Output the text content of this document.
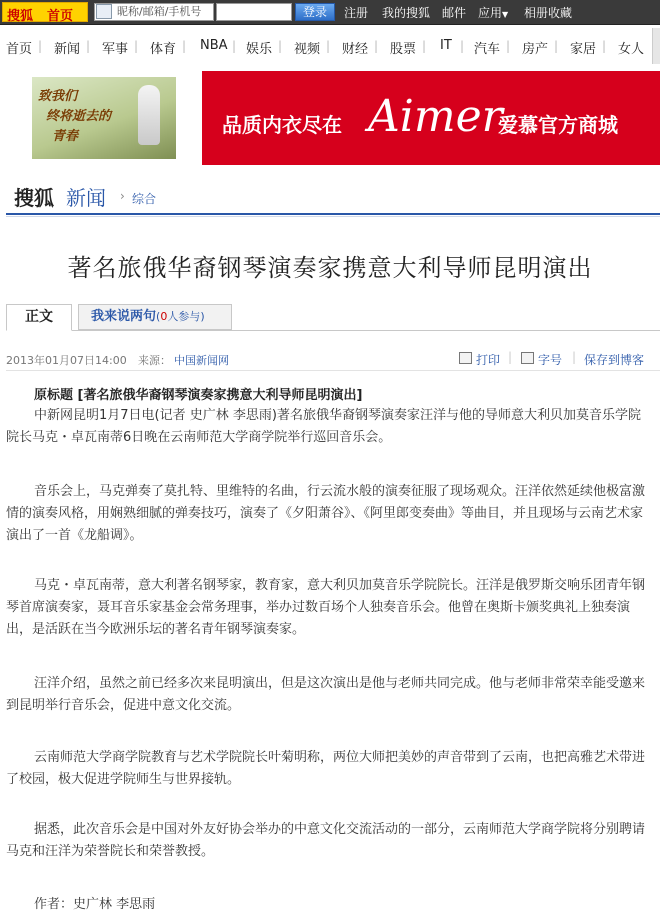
搜狐 首页	昵称/邮箱/手机号	登录	注册 我的搜狐 邮件 应用▼ 相册收藏
首页 | 新闻 | 军事 | 体育 | NBA | 娱乐 | 视频 | 财经 | 股票 | IT | 汽车 | 房产 | 家居 | 女人
致我们
终将逝去的
青春	品质内衣尽在 Aimer
爱慕官方商城
搜狐 新闻 › 综合
著名旅俄华裔钢琴演奏家携意大利导师昆明演出
正文	我来说两句(0人参与)
2013年01月07日14:00 来源： 中国新闻网	打印 | 字号 | 保存到博客
原标题 [著名旅俄华裔钢琴演奏家携意大利导师昆明演出]

中新网昆明1月7日电(记者 史广林 李思雨)著名旅俄华裔钢琴演奏家汪洋与他的导师意大利贝加莫音乐学院院长马克・卓瓦南蒂6日晚在云南师范大学商学院举行巡回音乐会。

音乐会上，马克弹奏了莫扎特、里维特的名曲，行云流水般的演奏征服了现场观众。汪洋依然延续他极富激情的演奏风格，用娴熟细腻的弹奏技巧，演奏了《夕阳萧谷》、《阿里郎变奏曲》等曲目，并且现场与云南艺术家演出了一首《龙船调》。

马克・卓瓦南蒂，意大利著名钢琴家，教育家，意大利贝加莫音乐学院院长。汪洋是俄罗斯交响乐团青年钢琴首席演奏家，聂耳音乐家基金会常务理事，举办过数百场个人独奏音乐会。他曾在奥斯卡颁奖典礼上独奏演出，是活跃在当今欧洲乐坛的著名青年钢琴演奏家。

汪洋介绍，虽然之前已经多次来昆明演出，但是这次演出是他与老师共同完成。他与老师非常荣幸能受邀来到昆明举行音乐会，促进中意文化交流。

云南师范大学商学院教育与艺术学院院长叶菊明称，两位大师把美妙的声音带到了云南，也把高雅艺术带进了校园，极大促进学院师生与世界接轨。

据悉，此次音乐会是中国对外友好协会举办的中意文化交流活动的一部分，云南师范大学商学院将分别聘请马克和汪洋为荣誉院长和荣誉教授。

作者：史广林 李思雨
